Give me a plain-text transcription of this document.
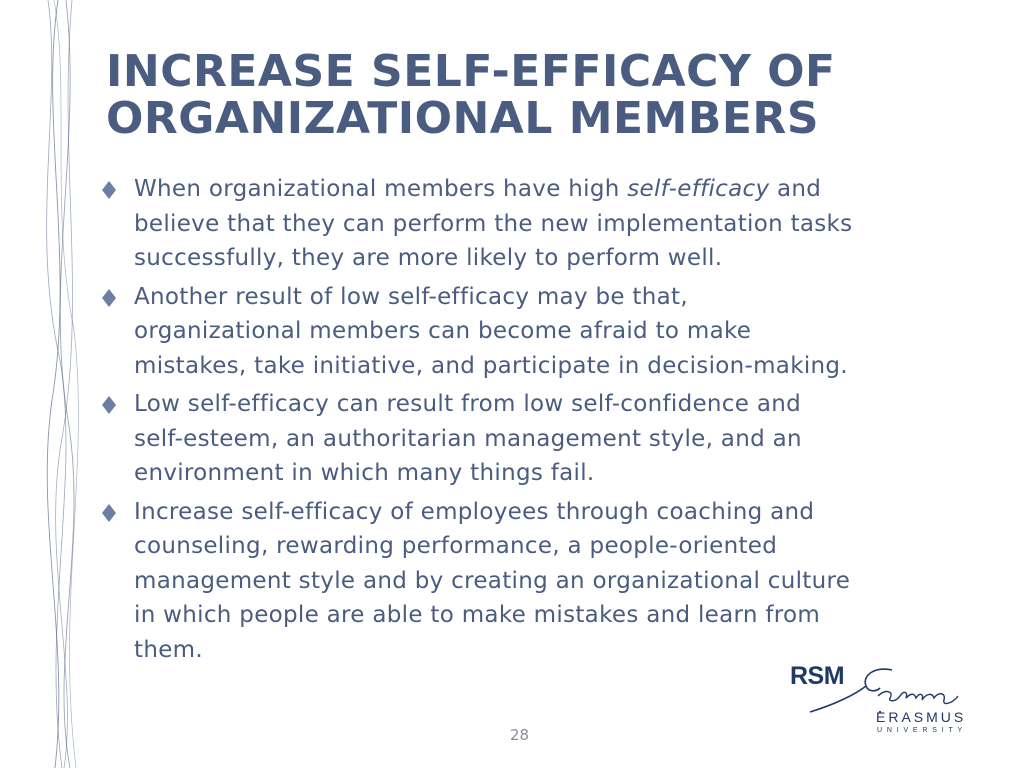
INCREASE SELF-EFFICACY OF
ORGANIZATIONAL MEMBERS
When organizational members have high self-efficacy and
believe that they can perform the new implementation tasks
successfully, they are more likely to perform well.
Another result of low self-efficacy may be that,
organizational members can become afraid to make
mistakes, take initiative, and participate in decision-making.
Low self-efficacy can result from low self-confidence and
self-esteem, an authoritarian management style, and an
environment in which many things fail.
Increase self-efficacy of employees through coaching and
counseling, rewarding performance, a people-oriented
management style and by creating an organizational culture
in which people are able to make mistakes and learn from
them.
28
RSM
ERASMUS
UNIVERSITY
